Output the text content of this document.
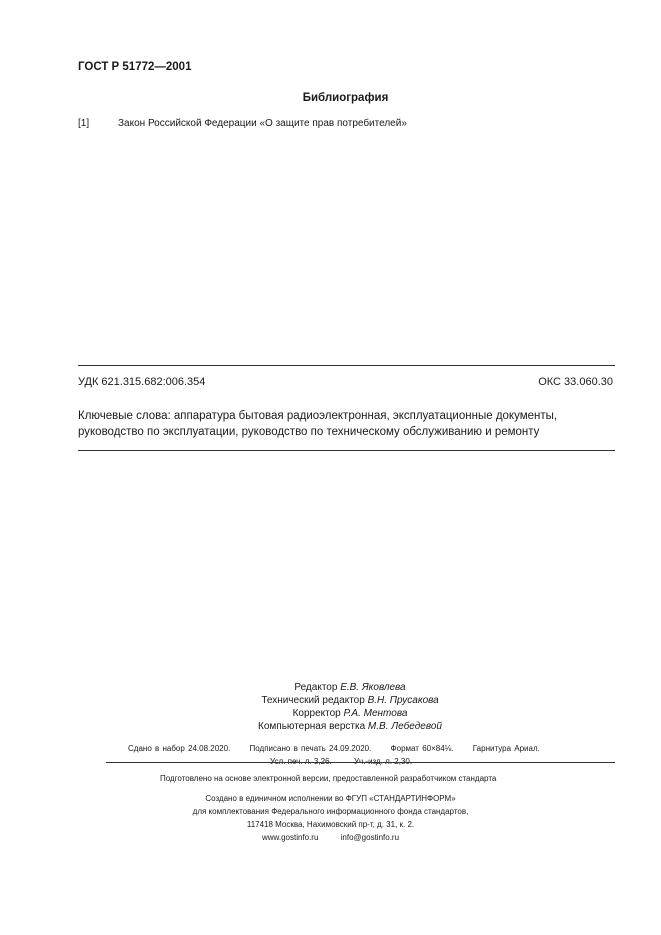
ГОСТ Р 51772—2001
Библиография
[1]	Закон Российской Федерации «О защите прав потребителей»
УДК 621.315.682:006.354	ОКС 33.060.30
Ключевые слова: аппаратура бытовая радиоэлектронная, эксплуатационные документы, руководство по эксплуатации, руководство по техническому обслуживанию и ремонту
Редактор Е.В. Яковлева
Технический редактор В.Н. Прусакова
Корректор Р.А. Ментова
Компьютерная верстка М.В. Лебедевой
Сдано в набор 24.08.2020. Подписано в печать 24.09.2020. Формат 60×84⅛. Гарнитура Ариал.
Усл. печ. л. 3,26.	Уч.-изд. л. 2,30.
Подготовлено на основе электронной версии, предоставленной разработчиком стандарта
Создано в единичном исполнении во ФГУП «СТАНДАРТИНФОРМ»
для комплектования Федерального информационного фонда стандартов,
117418 Москва, Нахимовский пр-т, д. 31, к. 2.
www.gostinfo.ru	info@gostinfo.ru
